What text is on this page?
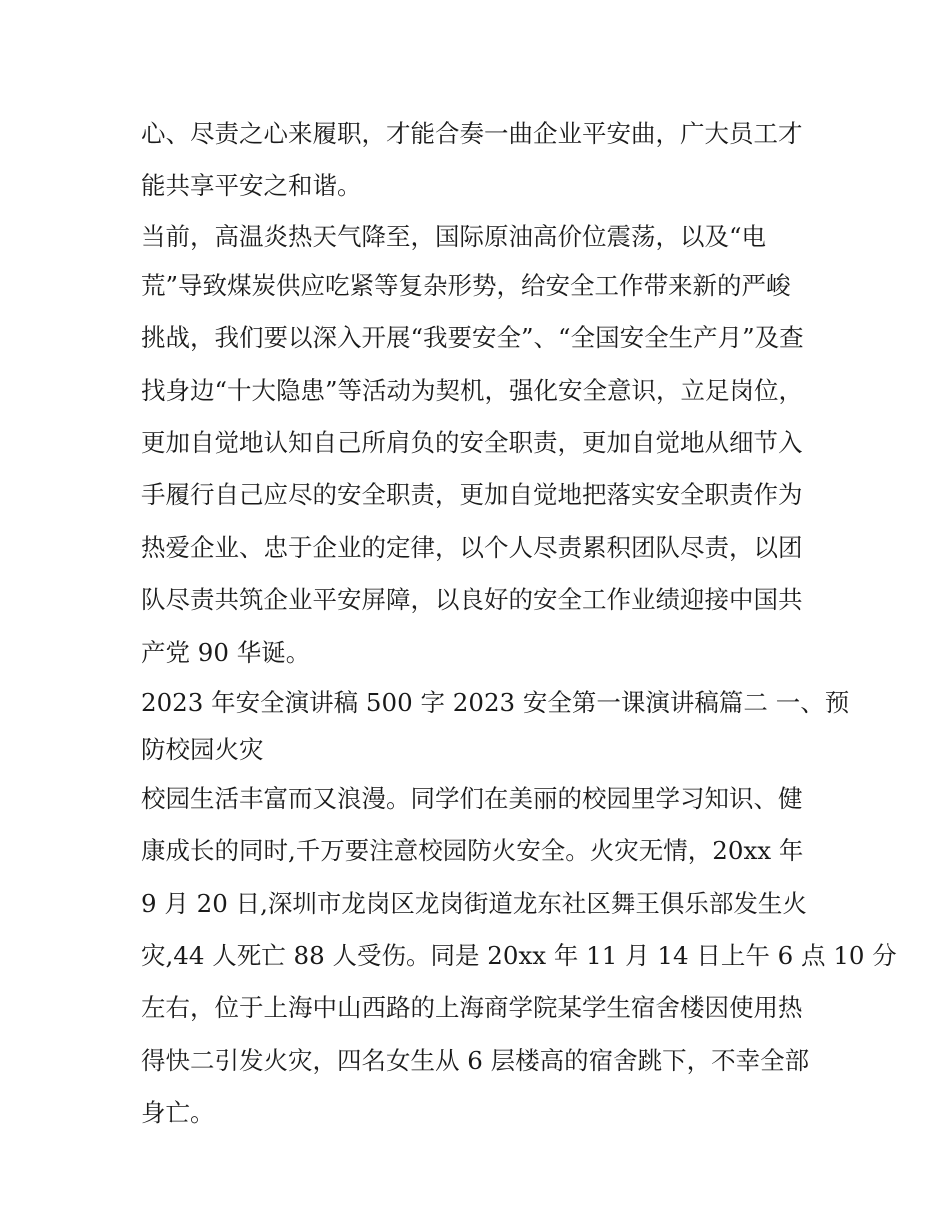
心、尽责之心来履职，才能合奏一曲企业平安曲，广大员工才
能共享平安之和谐。
当前，高温炎热天气降至，国际原油高价位震荡，以及“电
荒”导致煤炭供应吃紧等复杂形势，给安全工作带来新的严峻
挑战，我们要以深入开展“我要安全”、“全国安全生产月”及查
找身边“十大隐患”等活动为契机，强化安全意识，立足岗位，
更加自觉地认知自己所肩负的安全职责，更加自觉地从细节入
手履行自己应尽的安全职责，更加自觉地把落实安全职责作为
热爱企业、忠于企业的定律，以个人尽责累积团队尽责，以团
队尽责共筑企业平安屏障，以良好的安全工作业绩迎接中国共
产党 90 华诞。
2023 年安全演讲稿 500 字 2023 安全第一课演讲稿篇二 一、预
防校园火灾
校园生活丰富而又浪漫。同学们在美丽的校园里学习知识、健
康成长的同时,千万要注意校园防火安全。火灾无情，20xx 年
9 月 20 日,深圳市龙岗区龙岗街道龙东社区舞王俱乐部发生火
灾,44 人死亡 88 人受伤。同是 20xx 年 11 月 14 日上午 6 点 10 分
左右，位于上海中山西路的上海商学院某学生宿舍楼因使用热
得快二引发火灾，四名女生从 6 层楼高的宿舍跳下，不幸全部
身亡。
